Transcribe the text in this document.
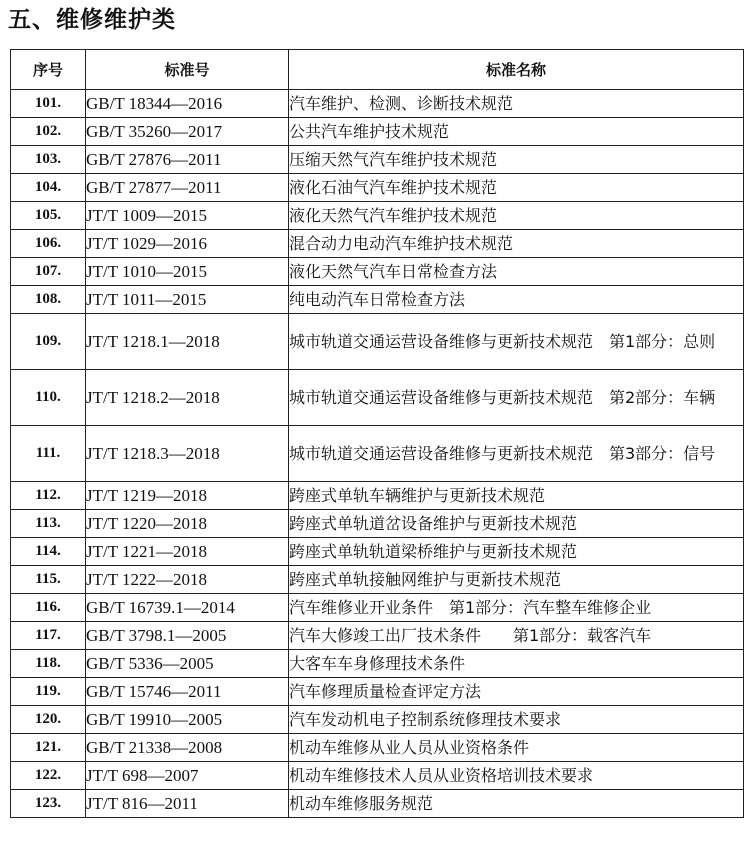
五、维修维护类
序号	标准号	标准名称
101.	GB/T 18344—2016	汽车维护、检测、诊断技术规范
102.	GB/T 35260—2017	公共汽车维护技术规范
103.	GB/T 27876—2011	压缩天然气汽车维护技术规范
104.	GB/T 27877—2011	液化石油气汽车维护技术规范
105.	JT/T 1009—2015	液化天然气汽车维护技术规范
106.	JT/T 1029—2016	混合动力电动汽车维护技术规范
107.	JT/T 1010—2015	液化天然气汽车日常检查方法
108.	JT/T 1011—2015	纯电动汽车日常检查方法
109.	JT/T 1218.1—2018	城市轨道交通运营设备维修与更新技术规范　第1部分：总则
110.	JT/T 1218.2—2018	城市轨道交通运营设备维修与更新技术规范　第2部分：车辆
111.	JT/T 1218.3—2018	城市轨道交通运营设备维修与更新技术规范　第3部分：信号
112.	JT/T 1219—2018	跨座式单轨车辆维护与更新技术规范
113.	JT/T 1220—2018	跨座式单轨道岔设备维护与更新技术规范
114.	JT/T 1221—2018	跨座式单轨轨道梁桥维护与更新技术规范
115.	JT/T 1222—2018	跨座式单轨接触网维护与更新技术规范
116.	GB/T 16739.1—2014	汽车维修业开业条件　第1部分：汽车整车维修企业
117.	GB/T 3798.1—2005	汽车大修竣工出厂技术条件　　第1部分：载客汽车
118.	GB/T 5336—2005	大客车车身修理技术条件
119.	GB/T 15746—2011	汽车修理质量检查评定方法
120.	GB/T 19910—2005	汽车发动机电子控制系统修理技术要求
121.	GB/T 21338—2008	机动车维修从业人员从业资格条件
122.	JT/T 698—2007	机动车维修技术人员从业资格培训技术要求
123.	JT/T 816—2011	机动车维修服务规范
